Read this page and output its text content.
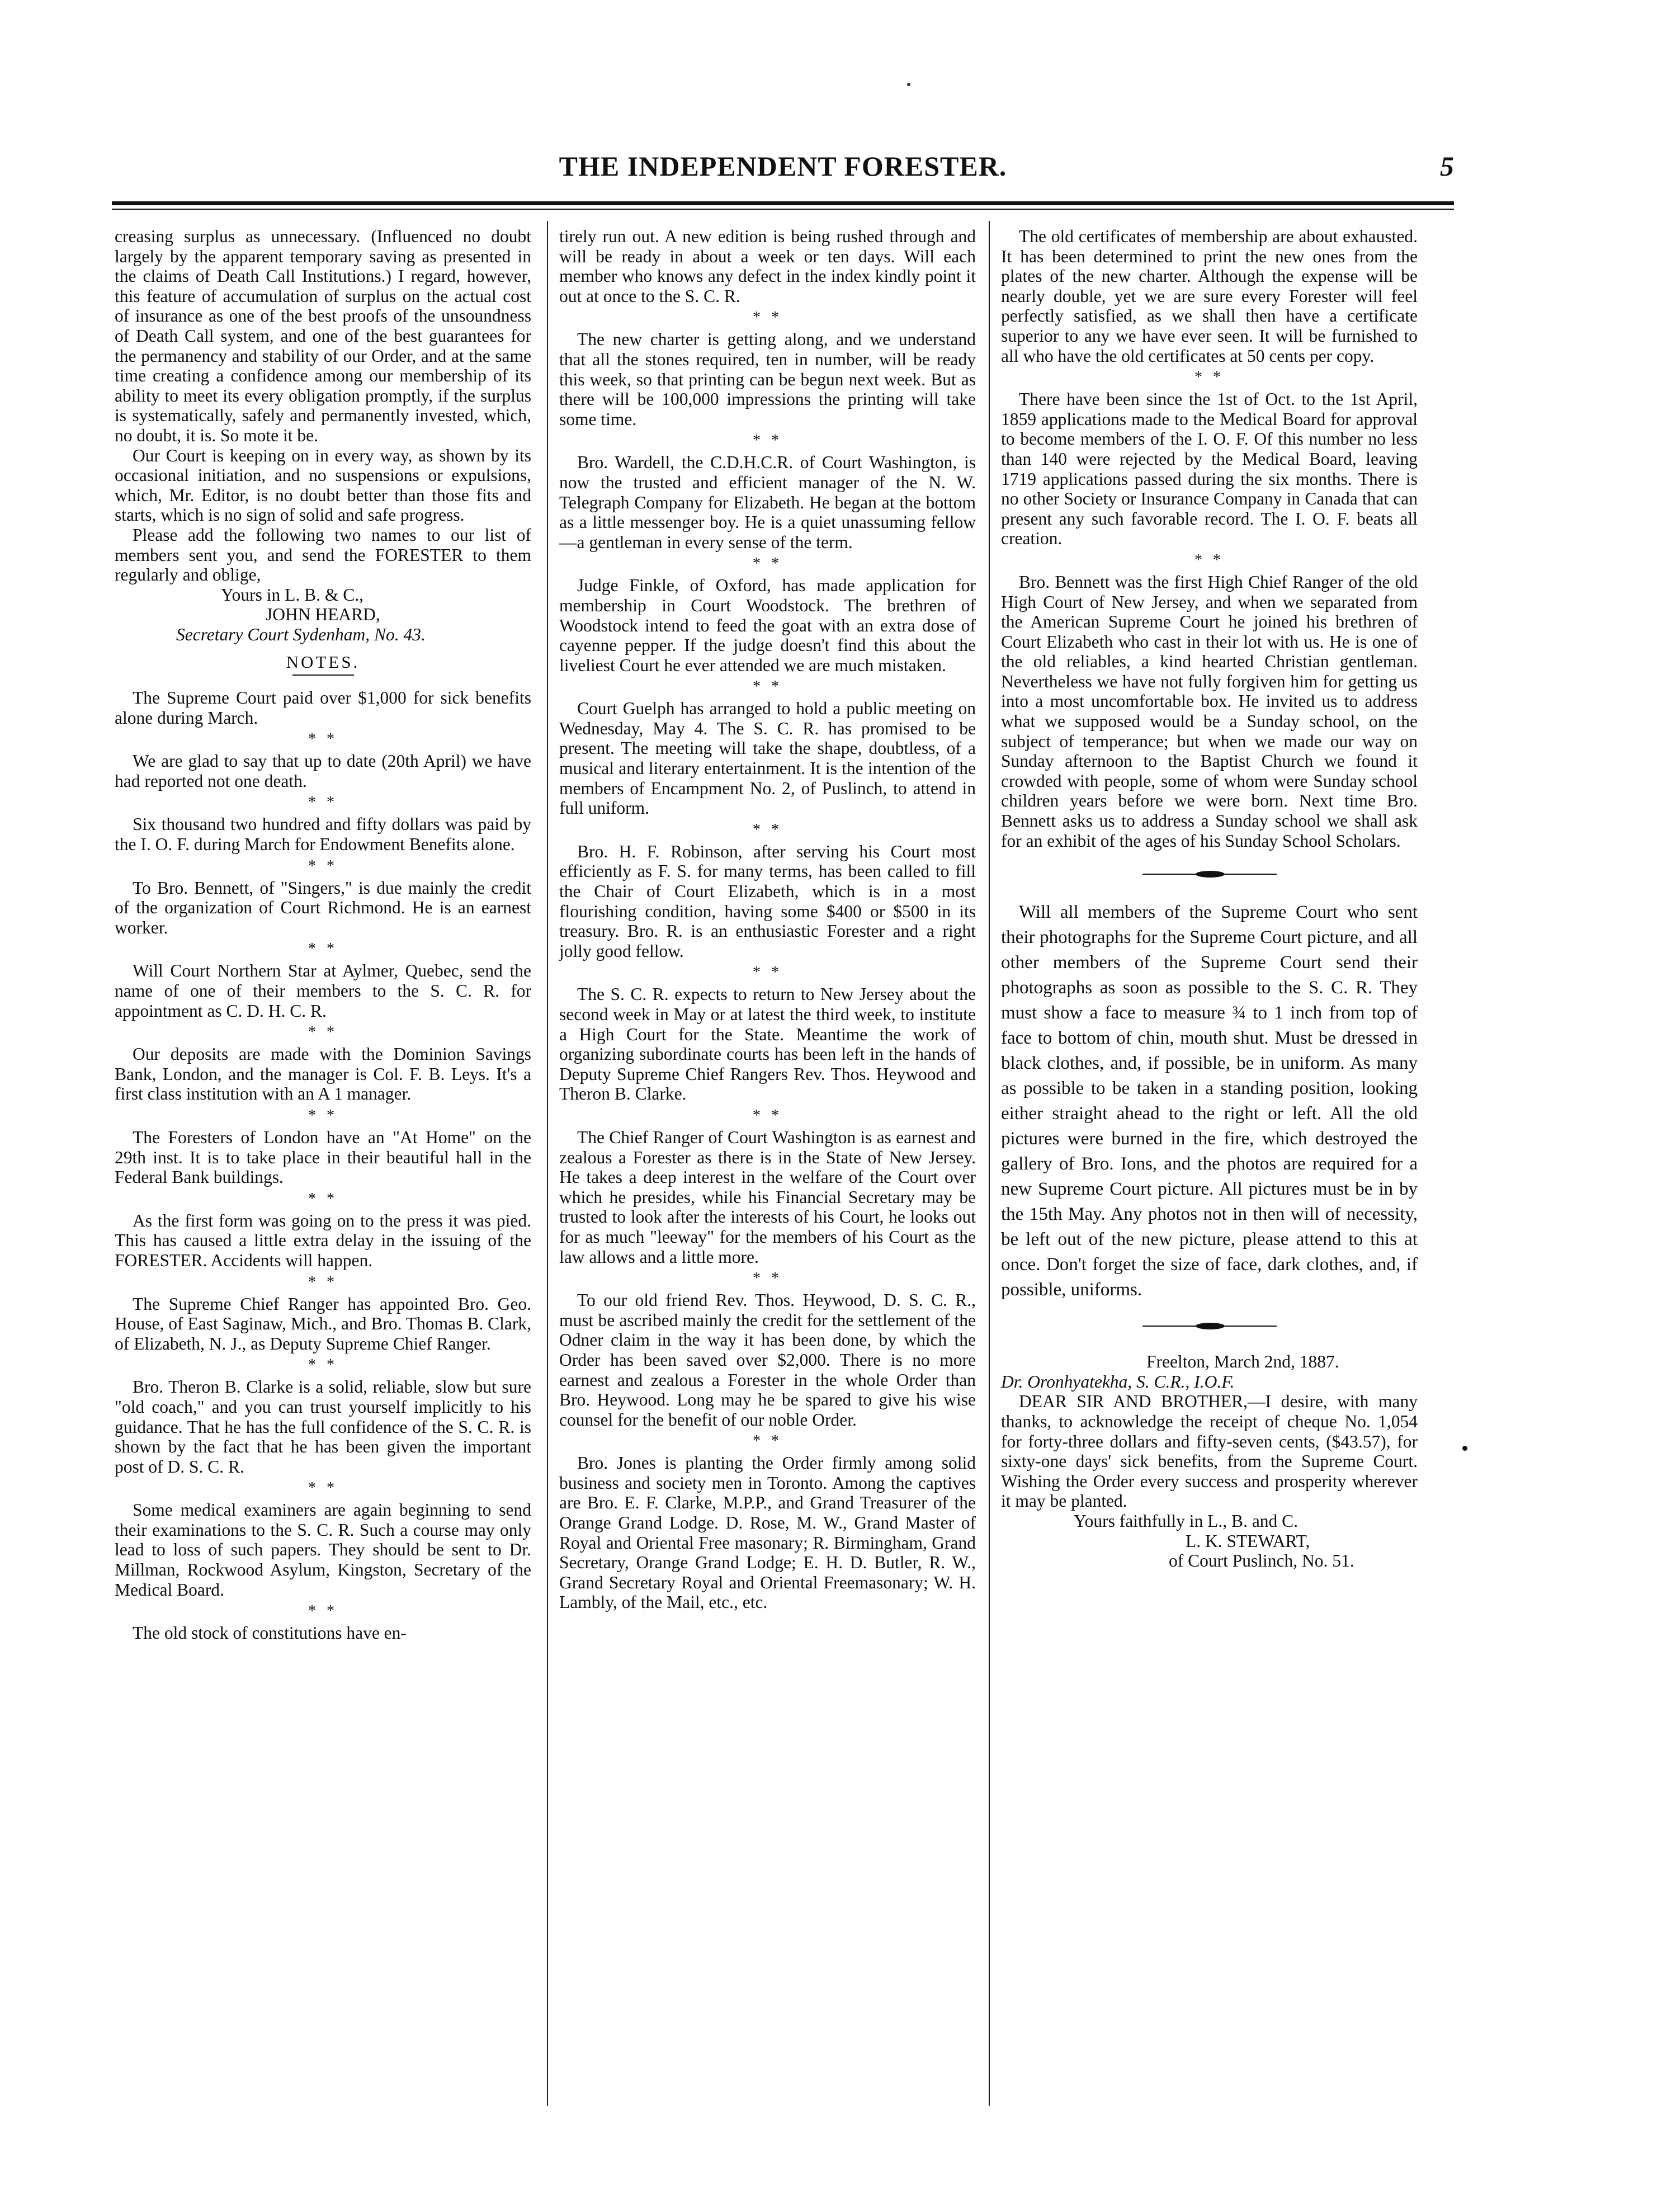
THE INDEPENDENT FORESTER.	5

creasing surplus as unnecessary. (Influenced no doubt largely by the apparent temporary saving as presented in the claims of Death Call Institutions.) I regard, however, this feature of accumulation of surplus on the actual cost of insurance as one of the best proofs of the unsoundness of Death Call system, and one of the best guarantees for the permanency and stability of our Order, and at the same time creating a confidence among our membership of its ability to meet its every obligation promptly, if the surplus is systematically, safely and permanently invested, which, no doubt, it is. So mote it be.

Our Court is keeping on in every way, as shown by its occasional initiation, and no suspensions or expulsions, which, Mr. Editor, is no doubt better than those fits and starts, which is no sign of solid and safe progress.

Please add the following two names to our list of members sent you, and send the FORESTER to them regularly and oblige,

Yours in L. B. & C.,
JOHN HEARD,
Secretary Court Sydenham, No. 43.
NOTES.

The Supreme Court paid over $1,000 for sick benefits alone during March.

* *

We are glad to say that up to date (20th April) we have had reported not one death.

* *

Six thousand two hundred and fifty dollars was paid by the I. O. F. during March for Endowment Benefits alone.

* *

To Bro. Bennett, of "Singers," is due mainly the credit of the organization of Court Richmond. He is an earnest worker.

* *

Will Court Northern Star at Aylmer, Quebec, send the name of one of their members to the S. C. R. for appointment as C. D. H. C. R.

* *

Our deposits are made with the Dominion Savings Bank, London, and the manager is Col. F. B. Leys. It's a first class institution with an A 1 manager.

* *

The Foresters of London have an "At Home" on the 29th inst. It is to take place in their beautiful hall in the Federal Bank buildings.

* *

As the first form was going on to the press it was pied. This has caused a little extra delay in the issuing of the FORESTER. Accidents will happen.

* *

The Supreme Chief Ranger has appointed Bro. Geo. House, of East Saginaw, Mich., and Bro. Thomas B. Clark, of Elizabeth, N. J., as Deputy Supreme Chief Ranger.

* *

Bro. Theron B. Clarke is a solid, reliable, slow but sure "old coach," and you can trust yourself implicitly to his guidance. That he has the full confidence of the S. C. R. is shown by the fact that he has been given the important post of D. S. C. R.

* *

Some medical examiners are again beginning to send their examinations to the S. C. R. Such a course may only lead to loss of such papers. They should be sent to Dr. Millman, Rockwood Asylum, Kingston, Secretary of the Medical Board.

* *

The old stock of constitutions have en-

tirely run out. A new edition is being rushed through and will be ready in about a week or ten days. Will each member who knows any defect in the index kindly point it out at once to the S. C. R.

* *

The new charter is getting along, and we understand that all the stones required, ten in number, will be ready this week, so that printing can be begun next week. But as there will be 100,000 impressions the printing will take some time.

* *

Bro. Wardell, the C.D.H.C.R. of Court Washington, is now the trusted and efficient manager of the N. W. Telegraph Company for Elizabeth. He began at the bottom as a little messenger boy. He is a quiet unassuming fellow—a gentleman in every sense of the term.

* *

Judge Finkle, of Oxford, has made application for membership in Court Woodstock. The brethren of Woodstock intend to feed the goat with an extra dose of cayenne pepper. If the judge doesn't find this about the liveliest Court he ever attended we are much mistaken.

* *

Court Guelph has arranged to hold a public meeting on Wednesday, May 4. The S. C. R. has promised to be present. The meeting will take the shape, doubtless, of a musical and literary entertainment. It is the intention of the members of Encampment No. 2, of Puslinch, to attend in full uniform.

* *

Bro. H. F. Robinson, after serving his Court most efficiently as F. S. for many terms, has been called to fill the Chair of Court Elizabeth, which is in a most flourishing condition, having some $400 or $500 in its treasury. Bro. R. is an enthusiastic Forester and a right jolly good fellow.

* *

The S. C. R. expects to return to New Jersey about the second week in May or at latest the third week, to institute a High Court for the State. Meantime the work of organizing subordinate courts has been left in the hands of Deputy Supreme Chief Rangers Rev. Thos. Heywood and Theron B. Clarke.

* *

The Chief Ranger of Court Washington is as earnest and zealous a Forester as there is in the State of New Jersey. He takes a deep interest in the welfare of the Court over which he presides, while his Financial Secretary may be trusted to look after the interests of his Court, he looks out for as much "leeway" for the members of his Court as the law allows and a little more.

* *

To our old friend Rev. Thos. Heywood, D. S. C. R., must be ascribed mainly the credit for the settlement of the Odner claim in the way it has been done, by which the Order has been saved over $2,000. There is no more earnest and zealous a Forester in the whole Order than Bro. Heywood. Long may he be spared to give his wise counsel for the benefit of our noble Order.

* *

Bro. Jones is planting the Order firmly among solid business and society men in Toronto. Among the captives are Bro. E. F. Clarke, M.P.P., and Grand Treasurer of the Orange Grand Lodge. D. Rose, M. W., Grand Master of Royal and Oriental Free masonary; R. Birmingham, Grand Secretary, Orange Grand Lodge; E. H. D. Butler, R. W., Grand Secretary Royal and Oriental Freemasonary; W. H. Lambly, of the Mail, etc., etc.

The old certificates of membership are about exhausted. It has been determined to print the new ones from the plates of the new charter. Although the expense will be nearly double, yet we are sure every Forester will feel perfectly satisfied, as we shall then have a certificate superior to any we have ever seen. It will be furnished to all who have the old certificates at 50 cents per copy.

* *

There have been since the 1st of Oct. to the 1st April, 1859 applications made to the Medical Board for approval to become members of the I. O. F. Of this number no less than 140 were rejected by the Medical Board, leaving 1719 applications passed during the six months. There is no other Society or Insurance Company in Canada that can present any such favorable record. The I. O. F. beats all creation.

* *

Bro. Bennett was the first High Chief Ranger of the old High Court of New Jersey, and when we separated from the American Supreme Court he joined his brethren of Court Elizabeth who cast in their lot with us. He is one of the old reliables, a kind hearted Christian gentleman. Nevertheless we have not fully forgiven him for getting us into a most uncomfortable box. He invited us to address what we supposed would be a Sunday school, on the subject of temperance; but when we made our way on Sunday afternoon to the Baptist Church we found it crowded with people, some of whom were Sunday school children years before we were born. Next time Bro. Bennett asks us to address a Sunday school we shall ask for an exhibit of the ages of his Sunday School Scholars.

Will all members of the Supreme Court who sent their photographs for the Supreme Court picture, and all other members of the Supreme Court send their photographs as soon as possible to the S. C. R. They must show a face to measure ¾ to 1 inch from top of face to bottom of chin, mouth shut. Must be dressed in black clothes, and, if possible, be in uniform. As many as possible to be taken in a standing position, looking either straight ahead to the right or left. All the old pictures were burned in the fire, which destroyed the gallery of Bro. Ions, and the photos are required for a new Supreme Court picture. All pictures must be in by the 15th May. Any photos not in then will of necessity, be left out of the new picture, please attend to this at once. Don't forget the size of face, dark clothes, and, if possible, uniforms.

Freelton, March 2nd, 1887.
Dr. Oronhyatekha, S. C.R., I.O.F.

DEAR SIR AND BROTHER,—I desire, with many thanks, to acknowledge the receipt of cheque No. 1,054 for forty-three dollars and fifty-seven cents, ($43.57), for sixty-one days' sick benefits, from the Supreme Court. Wishing the Order every success and prosperity wherever it may be planted.

Yours faithfully in L., B. and C.
L. K. STEWART,
of Court Puslinch, No. 51.
